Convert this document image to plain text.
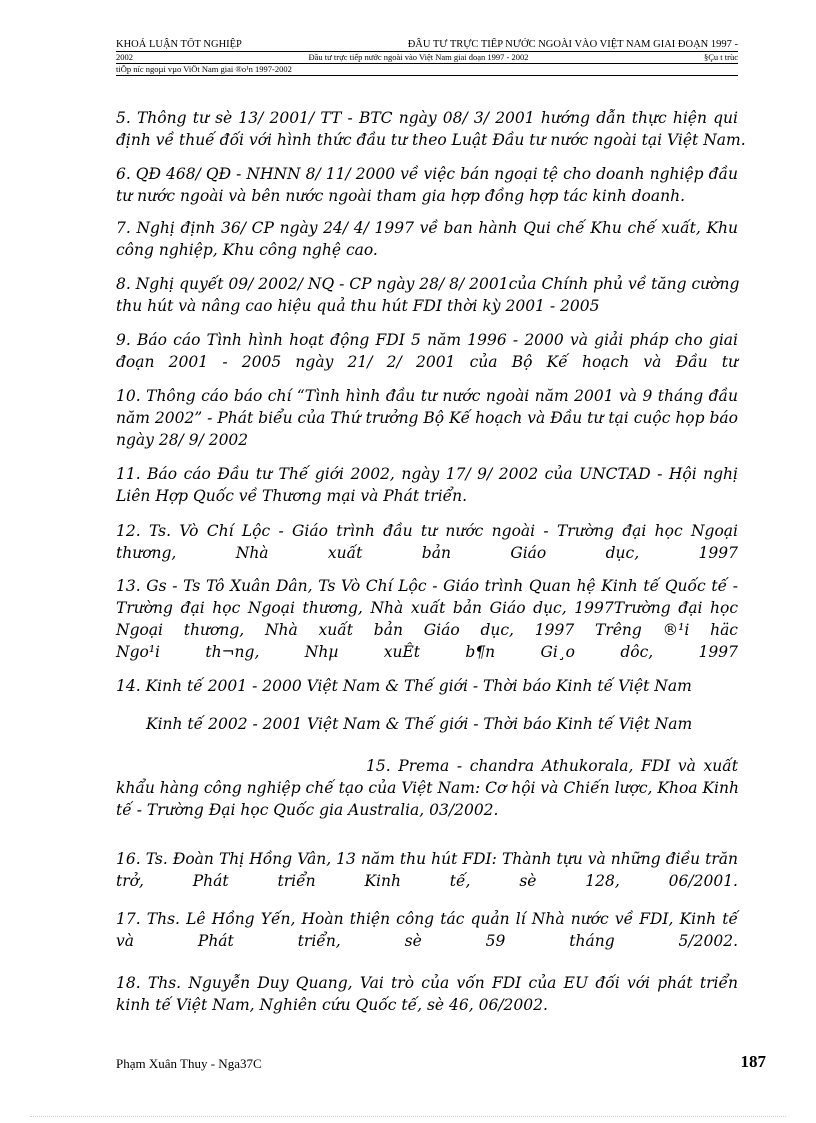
KHOÁ LUẬN TỐT NGHIỆP	ĐẦU TƯ TRỰC TIẾP NƯỚC NGOÀI VÀO VIỆT NAM GIAI ĐOẠN 1997 -
2002	Đầu tư trực tiếp nước ngoài vào Việt Nam giai đoạn 1997 - 2002	§Çu t trùc
tiÕp níc ngoµi vµo ViÖt Nam giai ®o¹n 1997-2002

5. Thông tư sè 13/ 2001/ TT - BTC ngày 08/ 3/ 2001 hướng dẫn thực hiện qui
định về thuế đối với hình thức đầu tư theo Luật Đầu tư nước ngoài tại Việt Nam.

6. QĐ 468/ QĐ - NHNN 8/ 11/ 2000 về việc bán ngoại tệ cho doanh nghiệp đầu
tư nước ngoài và bên nước ngoài tham gia hợp đồng hợp tác kinh doanh.

7. Nghị định 36/ CP ngày 24/ 4/ 1997 về ban hành Qui chế Khu chế xuất, Khu
công nghiệp, Khu công nghệ cao.

8. Nghị quyết 09/ 2002/ NQ - CP ngày 28/ 8/ 2001của Chính phủ về tăng cường
thu hút và nâng cao hiệu quả thu hút FDI thời kỳ 2001 - 2005

9. Báo cáo Tình hình hoạt động FDI 5 năm 1996 - 2000 và giải pháp cho giai
đoạn 2001 - 2005 ngày 21/ 2/ 2001 của Bộ Kế hoạch và Đầu tư

10. Thông cáo báo chí “Tình hình đầu tư nước ngoài năm 2001 và 9 tháng đầu
năm 2002” - Phát biểu của Thứ trưởng Bộ Kế hoạch và Đầu tư tại cuộc họp báo
ngày 28/ 9/ 2002

11. Báo cáo Đầu tư Thế giới 2002, ngày 17/ 9/ 2002 của UNCTAD - Hội nghị
Liên Hợp Quốc về Thương mại và Phát triển.

12. Ts. Vò Chí Lộc - Giáo trình đầu tư nước ngoài - Trường đại học Ngoại
thương, Nhà xuất bản Giáo dục, 1997

13. Gs - Ts Tô Xuân Dân, Ts Vò Chí Lộc - Giáo trình Quan hệ Kinh tế Quốc tế -
Trường đại học Ngoại thương, Nhà xuất bản Giáo dục, 1997Trường đại học
Ngoại thương, Nhà xuất bản Giáo dục, 1997 Trêng ®¹i häc
Ngo¹i th¬ng, Nhµ xuÊt b¶n Gi¸o dôc, 1997

14. Kinh tế 2001 - 2000 Việt Nam & Thế giới - Thời báo Kinh tế Việt Nam

Kinh tế 2002 - 2001 Việt Nam & Thế giới - Thời báo Kinh tế Việt Nam

15. Prema - chandra Athukorala, FDI và xuất
khẩu hàng công nghiệp chế tạo của Việt Nam: Cơ hội và Chiến lược, Khoa Kinh
tế - Trường Đại học Quốc gia Australia, 03/2002.

16. Ts. Đoàn Thị Hồng Vân, 13 năm thu hút FDI: Thành tựu và những điều trăn
trở, Phát triển Kinh tế, sè 128, 06/2001.

17. Ths. Lê Hồng Yến, Hoàn thiện công tác quản lí Nhà nước về FDI, Kinh tế
và Phát triển, sè 59 tháng 5/2002.

18. Ths. Nguyễn Duy Quang, Vai trò của vốn FDI của EU đối với phát triển
kinh tế Việt Nam, Nghiên cứu Quốc tế, sè 46, 06/2002.

Phạm Xuân Thuy - Nga37C	187
